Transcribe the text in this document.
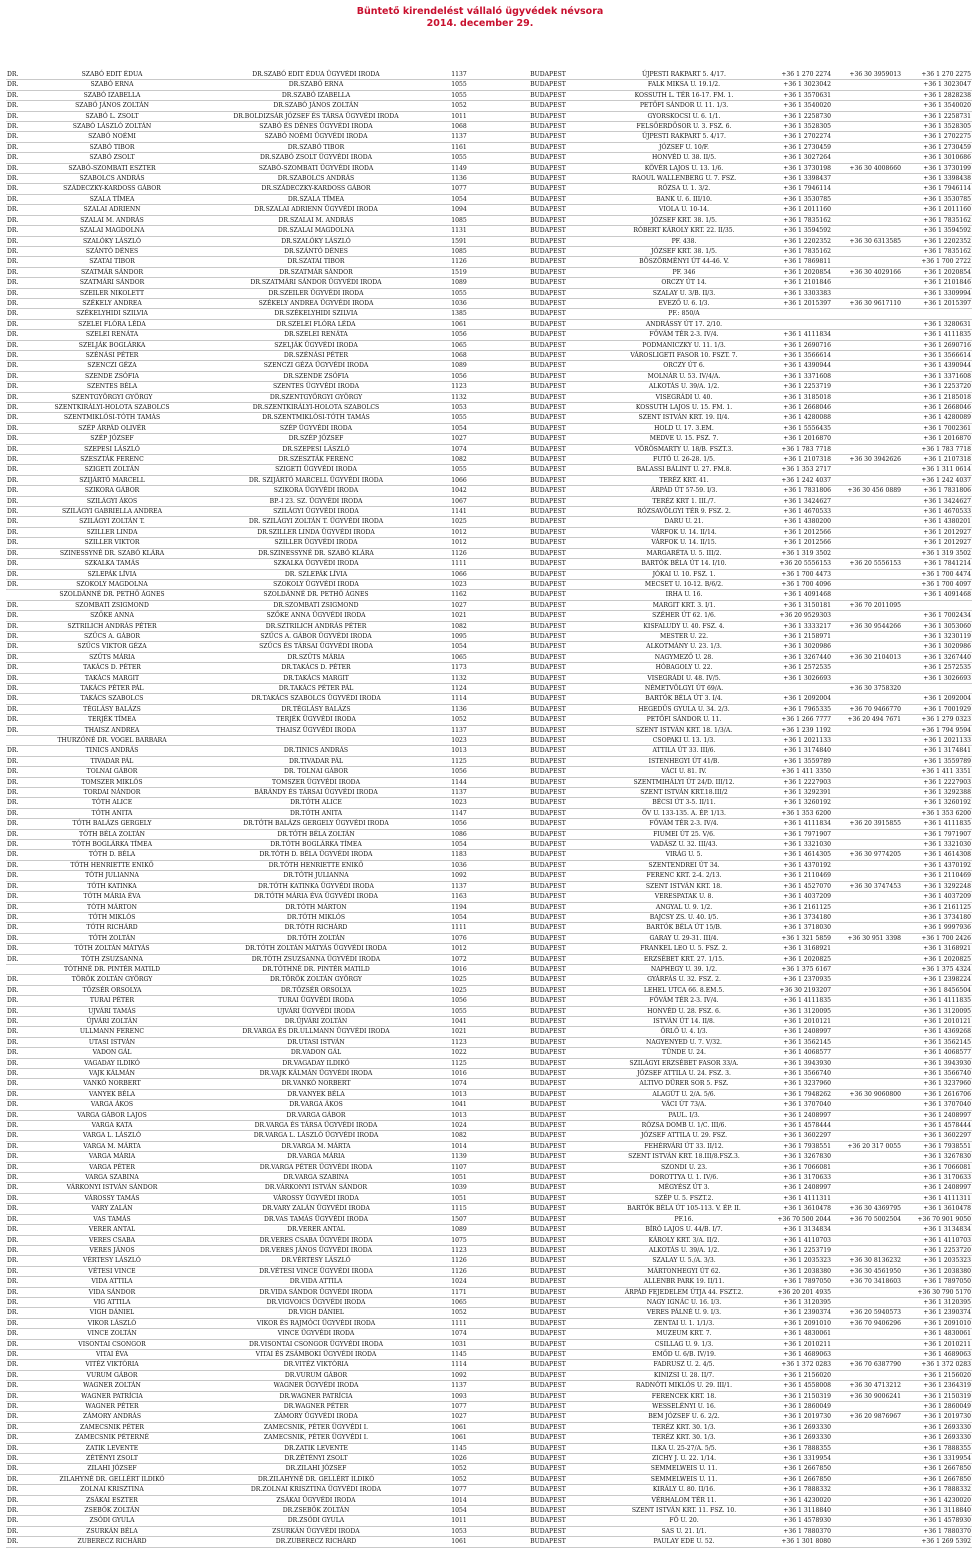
Büntető kirendelést vállaló ügyvédek névsora
2014. december 29.
DR.	SZABÓ EDIT ÉDUA	DR.SZABÓ EDIT ÉDUA ÜGYVÉDI IRODA	1137	BUDAPEST	ÚJPESTI RAKPART 5. 4/17.	+36 1 270 2274	+36 30 3959013	+36 1 270 2275
DR.	SZABÓ ERNA	DR.SZABÓ ERNA	1055	BUDAPEST	FALK MIKSA U. 19.1/2.	+36 1 3023042		+36 1 3023047
DR.	SZABÓ IZABELLA	DR.SZABÓ IZABELLA	1055	BUDAPEST	KOSSUTH L. TÉR 16-17. FM. 1.	+36 1 3570631		+36 1 2828238
DR.	SZABÓ JÁNOS ZOLTÁN	DR.SZABÓ JÁNOS ZOLTÁN	1052	BUDAPEST	PETŐFI SÁNDOR U. 11. 1/3.	+36 1 3540020		+36 1 3540020
DR.	SZABÓ L. ZSOLT	DR.BOLDIZSÁR JÓZSEF ÉS TÁRSA ÜGYVÉDI IRODA	1011	BUDAPEST	GYORSKOCSI U. 6. 1/1.	+36 1 2258730		+36 1 2258731
DR.	SZABÓ LÁSZLÓ ZOLTÁN	SZABÓ ÉS DÉNES ÜGYVÉDI IRODA	1068	BUDAPEST	FELSŐERDŐSOR U. 3. FSZ. 6.	+36 1 3528305		+36 1 3528305
DR.	SZABÓ NOÉMI	SZABÓ NOÉMI ÜGYVÉDI IRODA	1137	BUDAPEST	ÚJPESTI RAKPART 5. 4/17.	+36 1 2702274		+36 1 2702275
DR.	SZABÓ TIBOR	DR.SZABÓ TIBOR	1161	BUDAPEST	JÓZSEF U. 10/F.	+36 1 2730459		+36 1 2730459
DR.	SZABÓ ZSOLT	DR.SZABÓ ZSOLT ÜGYVÉDI IRODA	1055	BUDAPEST	HONVÉD U. 38. II/5.	+36 1 3027264		+36 1 3010686
DR.	SZABÓ-SZOMBATI ESZTER	SZABÓ-SZOMBATI ÜGYVÉDI IRODA	1149	BUDAPEST	KÖVÉR LAJOS U. 13. 1/6.	+36 1 3730198	+36 30 4008660	+36 1 3730199
DR.	SZABOLCS ANDRÁS	DR.SZABOLCS ANDRÁS	1136	BUDAPEST	RAOUL WALLENBERG U. 7. FSZ.	+36 1 3398437		+36 1 3398438
DR.	SZÁDECZKY-KARDOSS GÁBOR	DR.SZÁDECZKY-KARDOSS GÁBOR	1077	BUDAPEST	RÓZSA U. 1. 3/2.	+36 1 7946114		+36 1 7946114
DR.	SZALA TÍMEA	DR.SZALA TÍMEA	1054	BUDAPEST	BANK U. 6. III/10.	+36 1 3530785		+36 1 3530785
DR.	SZALAI ADRIENN	DR.SZALAI ADRIENN ÜGYVÉDI IRODA	1094	BUDAPEST	VIOLA U. 10-14.	+36 1 2011160		+36 1 2011160
DR.	SZALAI M. ANDRÁS	DR.SZALAI M. ANDRÁS	1085	BUDAPEST	JÓZSEF KRT. 38. 1/5.	+36 1 7835162		+36 1 7835162
DR.	SZALAI MAGDOLNA	DR.SZALAI MAGDOLNA	1131	BUDAPEST	RÓBERT KÁROLY KRT. 22. II/35.	+36 1 3594592		+36 1 3594592
DR.	SZALÓKY LÁSZLÓ	DR.SZALÓKY LÁSZLÓ	1591	BUDAPEST	PF. 438.	+36 1 2202352	+36 30 6313585	+36 1 2202352
DR.	SZÁNTÓ DÉNES	DR.SZÁNTÓ DÉNES	1085	BUDAPEST	JÓZSEF KRT. 38. 1/5.	+36 1 7835162		+36 1 7835162
DR.	SZATAI TIBOR	DR.SZATAI TIBOR	1126	BUDAPEST	BÖSZÖRMÉNYI ÚT 44-46. V.	+36 1 7869811		+36 1 700 2722
DR.	SZATMÁR SÁNDOR	DR.SZATMÁR SÁNDOR	1519	BUDAPEST	PF. 346	+36 1 2020854	+36 30 4029166	+36 1 2020854
DR.	SZATMÁRI SÁNDOR	DR.SZATMÁRI SÁNDOR ÜGYVÉDI IRODA	1089	BUDAPEST	ORCZY ÚT 14.	+36 1 2101846		+36 1 2101846
DR.	SZEILER NIKOLETT	DR.SZEILER ÜGYVÉDI IRODA	1055	BUDAPEST	SZALAY U. 3/B. II/3.	+36 1 3303383		+36 1 3309994
DR.	SZÉKELY ANDREA	SZÉKELY ANDREA ÜGYVÉDI IRODA	1036	BUDAPEST	EVEZŐ U. 6. I/3.	+36 1 2015397	+36 30 9617110	+36 1 2015397
DR.	SZÉKELYHIDI SZILVIA	DR.SZÉKELYHIDI SZILVIA	1385	BUDAPEST	PF.: 850/A			
DR.	SZELEI FLÓRA LÉDA	DR.SZELEI FLÓRA LÉDA	1061	BUDAPEST	ANDRÁSSY ÚT 17. 2/10.			+36 1 3280631
DR.	SZELEI RENÁTA	DR.SZELEI RENÁTA	1056	BUDAPEST	FŐVÁM TÉR 2-3. IV/4.	+36 1 4111834		+36 1 4111835
DR.	SZELJÁK BOGLÁRKA	SZELJÁK ÜGYVÉDI IRODA	1065	BUDAPEST	PODMANICZKY U. 11. 1/3.	+36 1 2690716		+36 1 2690716
DR.	SZÉNÁSI PÉTER	DR.SZÉNÁSI PÉTER	1068	BUDAPEST	VÁROSLIGETI FASOR 10. FSZT. 7.	+36 1 3566614		+36 1 3566614
DR.	SZENCZI GÉZA	SZENCZI GÉZA ÜGYVÉDI IRODA	1089	BUDAPEST	ORCZY ÚT 6.	+36 1 4390944		+36 1 4390944
DR.	SZENDE ZSÓFIA	DR.SZENDE ZSÓFIA	1056	BUDAPEST	MOLNÁR U. 53. IV/4/A.	+36 1 3371608		+36 1 3371608
DR.	SZENTES BÉLA	SZENTES ÜGYVÉDI IRODA	1123	BUDAPEST	ALKOTÁS U. 39/A. 1/2.	+36 1 2253719		+36 1 2253720
DR.	SZENTGYÖRGYI GYÖRGY	DR.SZENTGYÖRGYI GYÖRGY	1132	BUDAPEST	VISEGRÁDI U. 40.	+36 1 3185018		+36 1 2185018
DR.	SZENTKIRÁLYI-HOLOTA SZABOLCS	DR.SZENTKIRÁLYI-HOLOTA SZABOLCS	1053	BUDAPEST	KOSSUTH LAJOS U. 15. FM. 1.	+36 1 2668046		+36 1 2668046
DR.	SZENTMIKLÓSI-TÓTH TAMÁS	DR.SZENTMIKLÓSI-TÓTH TAMÁS	1055	BUDAPEST	SZENT ISTVÁN KRT. 19. II/4.	+36 1 4280088		+36 1 4280089
DR.	SZÉP ÁRPÁD OLIVÉR	SZÉP ÜGYVÉDI IRODA	1054	BUDAPEST	HOLD U. 17. 3.EM.	+36 1 5556435		+36 1 7002361
DR.	SZÉP JÓZSEF	DR.SZÉP JÓZSEF	1027	BUDAPEST	MEDVE U. 15. FSZ. 7.	+36 1 2016870		+36 1 2016870
DR.	SZEPESI LÁSZLÓ	DR.SZEPESI LÁSZLÓ	1074	BUDAPEST	VÖRÖSMARTY U. 18/B. FSZT.3.	+36 1 783 7718		+36 1 783 7718
DR.	SZESZTÁK FERENC	DR.SZESZTÁK FERENC	1082	BUDAPEST	FUTÓ U. 26-28. 1/5.	+36 1 2107318	+36 30 3942626	+36 1 2107318
DR.	SZIGETI ZOLTÁN	SZIGETI ÜGYVÉDI IRODA	1055	BUDAPEST	BALASSI BÁLINT U. 27. FM.8.	+36 1 353 2717		+36 1 311 0614
DR.	SZIJÁRTÓ MARCELL	DR. SZIJÁRTÓ MARCELL ÜGYVÉDI IRODA	1066	BUDAPEST	TERÉZ KRT. 41.	+36 1 242 4037		+36 1 242 4037
DR.	SZIKORA GÁBOR	SZIKORA ÜGYVÉDI IRODA	1042	BUDAPEST	ÁRPÁD ÚT 57-59. I/3.	+36 1 7831806	+36 30 456 0889	+36 1 7831806
DR.	SZILÁGYI ÁKOS	BP.-I 23. SZ. ÜGYVÉDI IRODA	1067	BUDAPEST	TERÉZ KRT 1. III./7.	+36 1 3424627		+36 1 3424627
DR.	SZILÁGYI GABRIELLA ANDREA	SZILÁGYI ÜGYVÉDI IRODA	1141	BUDAPEST	RÓZSAVÖLGYI TÉR 9. FSZ. 2.	+36 1 4670533		+36 1 4670533
DR.	SZILÁGYI ZOLTÁN T.	DR. SZILÁGYI ZOLTÁN T. ÜGYVÉDI IRODA	1025	BUDAPEST	DARU U. 21.	+36 1 4380200		+36 1 4380201
DR.	SZILLER LINDA	DR.SZILLER LINDA ÜGYVÉDI IRODA	1012	BUDAPEST	VÁRFOK U. 14. II/14.	+36 1 2012566		+36 1 2012927
DR.	SZILLER VIKTOR	SZILLER ÜGYVÉDI IRODA	1012	BUDAPEST	VÁRFOK U. 14. II/15.	+36 1 2012566		+36 1 2012927
DR.	SZINESSYNÉ DR. SZABÓ KLÁRA	DR.SZINESSYNÉ DR. SZABÓ KLÁRA	1126	BUDAPEST	MARGARÉTA U. 5. III/2.	+36 1 319 3502		+36 1 319 3502
DR.	SZKALKA TAMÁS	SZKALKA ÜGYVÉDI IRODA	1111	BUDAPEST	BARTÓK BÉLA ÚT 14. I/10.	+36 20 5556153	+36 20 5556153	+36 1 7841214
DR.	SZLEPÁK LÍVIA	DR. SZLEPÁK LÍVIA	1066	BUDAPEST	JÓKAI U. 10. FSZ. 1.	+36 1 700 4473		+36 1 700 4474
DR.	SZOKOLY MAGDOLNA	SZOKOLY ÜGYVÉDI IRODA	1023	BUDAPEST	MECSET U. 10-12. B/6/2.	+36 1 700 4096		+36 1 700 4097
	SZOLDÁNNÉ DR. PETHŐ ÁGNES	SZOLDÁNNÉ DR. PETHŐ ÁGNES	1162	BUDAPEST	IRHA U. 16.	+36 1 4091468		+36 1 4091468
DR.	SZOMBATI ZSIGMOND	DR.SZOMBATI ZSIGMOND	1027	BUDAPEST	MARGIT KRT. 3. I/1.	+36 1 3150181	+36 70 2011095	
DR.	SZŐKE ANNA	SZŐKE ANNA ÜGYVÉDI IRODA	1021	BUDAPEST	SZÉHER ÚT 62. 1/6.	+36 20 9529303		+36 1 7002434
DR.	SZTRILICH ANDRÁS PÉTER	DR.SZTRILICH ANDRÁS PÉTER	1082	BUDAPEST	KISFALUDY U. 40. FSZ. 4.	+36 1 3333217	+36 30 9544266	+36 1 3053060
DR.	SZŰCS A. GÁBOR	SZŰCS A. GÁBOR ÜGYVÉDI IRODA	1095	BUDAPEST	MESTER U. 22.	+36 1 2158971		+36 1 3230119
DR.	SZŰCS VIKTOR GÉZA	SZŰCS ÉS TÁRSAI ÜGYVÉDI IRODA	1054	BUDAPEST	ALKOTMÁNY U. 23. 1/3.	+36 1 3020986		+36 1 3020986
DR.	SZŰTS MÁRIA	DR.SZŰTS MÁRIA	1065	BUDAPEST	NAGYMEZŐ U. 28.	+36 1 3267440	+36 30 2104013	+36 1 3267440
DR.	TAKÁCS D. PÉTER	DR.TAKÁCS D. PÉTER	1173	BUDAPEST	HÓBAGOLY U. 22.	+36 1 2572535		+36 1 2572535
DR.	TAKÁCS MARGIT	DR.TAKÁCS MARGIT	1132	BUDAPEST	VISEGRÁDI U. 48. IV/5.	+36 1 3026693		+36 1 3026693
DR.	TAKÁCS PÉTER PÁL	DR.TAKÁCS PÉTER PÁL	1124	BUDAPEST	NÉMETVÖLGYI ÚT 69/A.		+36 30 3758320	
DR.	TAKÁCS SZABOLCS	DR.TAKÁCS SZABOLCS ÜGYVÉDI IRODA	1114	BUDAPEST	BARTÓK BÉLA ÚT 3. I/4.	+36 1 2092004		+36 1 2092004
DR.	TÉGLÁSY BALÁZS	DR.TÉGLÁSY BALÁZS	1136	BUDAPEST	HEGEDŰS GYULA U. 34. 2/3.	+36 1 7965335	+36 70 9466770	+36 1 7001929
DR.	TERJÉK TÍMEA	TERJÉK ÜGYVÉDI IRODA	1052	BUDAPEST	PETŐFI SÁNDOR U. 11.	+36 1 266 7777	+36 20 494 7671	+36 1 279 0323
DR.	THAISZ ANDREA	THAISZ ÜGYVÉDI IRODA	1137	BUDAPEST	SZENT ISTVÁN KRT. 18. 1/3/A.	+36 1 239 1192		+36 1 794 9594
	THURZÓNÉ DR. VOGEL BARBARA		1023	BUDAPEST	CSOPAKI U. 13. 1/3.	+36 1 2021133		+36 1 2021133
DR.	TINICS ANDRÁS	DR.TINICS ANDRÁS	1013	BUDAPEST	ATTILA ÚT 33. III/6.	+36 1 3174840		+36 1 3174841
DR.	TIVADAR PÁL	DR.TIVADAR PÁL	1125	BUDAPEST	ISTENHEGYI ÚT 41/B.	+36 1 3559789		+36 1 3559789
DR.	TOLNAI GÁBOR	DR. TOLNAI GÁBOR	1056	BUDAPEST	VÁCI U. 81. IV.	+36 1 411 3350		+36 1 411 3351
DR.	TOMSZER MIKLÓS	TOMSZER ÜGYVÉDI IRODA	1144	BUDAPEST	SZENTMIHÁLYI ÚT 24/D. III/12.	+36 1 2227903		+36 1 2227903
DR.	TORDAI NÁNDOR	BÁRÁNDY ÉS TÁRSAI ÜGYVÉDI IRODA	1137	BUDAPEST	SZENT ISTVÁN KRT.18.III/2	+36 1 3292391		+36 1 3292388
DR.	TÓTH ALICE	DR.TÓTH ALICE	1023	BUDAPEST	BÉCSI ÚT 3-5. II/11.	+36 1 3260192		+36 1 3260192
DR.	TÓTH ANITA	DR.TÓTH ANITA	1147	BUDAPEST	ÖV U. 133-135. A. ÉP. 1/13.	+36 1 353 6200		+36 1 353 6200
DR.	TÓTH BALÁZS GERGELY	DR.TÓTH BALÁZS GERGELY ÜGYVÉDI IRODA	1056	BUDAPEST	FŐVÁM TÉR 2-3. IV/4.	+36 1 4111834	+36 20 3915855	+36 1 4111835
DR.	TÓTH BÉLA ZOLTÁN	DR.TÓTH BÉLA ZOLTÁN	1086	BUDAPEST	FIUMEI ÚT 25. V/6.	+36 1 7971907		+36 1 7971907
DR.	TÓTH BOGLÁRKA TÍMEA	DR.TÓTH BOGLÁRKA TÍMEA	1054	BUDAPEST	VADÁSZ U. 32. III/43.	+36 1 3321030		+36 1 3321030
DR.	TÓTH D. BÉLA	DR.TÓTH D. BÉLA ÜGYVÉDI IRODA	1183	BUDAPEST	VIRÁG U. 5.	+36 1 4614305	+36 30 9774205	+36 1 4614308
DR.	TÓTH HENRIETTE ENIKŐ	DR.TÓTH HENRIETTE ENIKŐ	1036	BUDAPEST	SZENTENDREI ÚT 34.	+36 1 4370192		+36 1 4370192
DR.	TÓTH JULIANNA	DR.TÓTH JULIANNA	1092	BUDAPEST	FERENC KRT. 2-4. 2/13.	+36 1 2110469		+36 1 2110469
DR.	TÓTH KATINKA	DR.TÓTH KATINKA ÜGYVÉDI IRODA	1137	BUDAPEST	SZENT ISTVÁN KRT. 18.	+36 1 4527070	+36 30 3747453	+36 1 3292248
DR.	TÓTH MÁRIA ÉVA	DR.TÓTH MÁRIA ÉVA ÜGYVÉDI IRODA	1163	BUDAPEST	VERESPATAK U. 8.	+36 1 4037209		+36 1 4037209
DR.	TÓTH MÁRTON	DR.TÓTH MÁRTON	1194	BUDAPEST	ANGYAL U. 9. 1/2.	+36 1 2161125		+36 1 2161125
DR.	TÓTH MIKLÓS	DR.TÓTH MIKLÓS	1054	BUDAPEST	BAJCSY ZS. U. 40. I/5.	+36 1 3734180		+36 1 3734180
DR.	TÓTH RICHÁRD	DR.TÓTH RICHÁRD	1111	BUDAPEST	BARTÓK BÉLA ÚT 15/B.	+36 1 3718030		+36 1 9997936
DR.	TÓTH ZOLTÁN	DR.TÓTH ZOLTÁN	1076	BUDAPEST	GARAY U. 29-31. III/4.	+36 1 321 5859	+36 30 951 3398	+36 1 700 2426
DR.	TÓTH ZOLTÁN MÁTYÁS	DR.TÓTH ZOLTÁN MÁTYÁS ÜGYVÉDI IRODA	1012	BUDAPEST	FRANKEL LEO U. 5. FSZ. 2.	+36 1 3168921		+36 1 3168921
DR.	TÓTH ZSUZSANNA	DR.TÓTH ZSUZSANNA ÜGYVÉDI IRODA	1072	BUDAPEST	ERZSÉBET KRT. 27. 1/15.	+36 1 2020825		+36 1 2020825
	TÓTHNÉ DR. PINTÉR MATILD	DR.TÓTHNÉ DR. PINTÉR MATILD	1016	BUDAPEST	NAPHEGY U. 39. 1/2.	+36 1 375 6167		+36 1 375 4324
DR.	TÖRÖK ZOLTÁN GYÖRGY	DR.TÖRÖK ZOLTÁN GYÖRGY	1025	BUDAPEST	GYÁRFÁS U. 32. FSZ. 2.	+36 1 2370935		+36 1 2398224
DR.	TŐZSÉR ORSOLYA	DR.TŐZSÉR ORSOLYA	1025	BUDAPEST	LEHEL UTCA 66. 8.EM.5.	+36 30 2193207		+36 1 8456504
DR.	TURAI PÉTER	TURAI ÜGYVÉDI IRODA	1056	BUDAPEST	FŐVÁM TÉR 2-3. IV/4.	+36 1 4111835		+36 1 4111835
DR.	UJVÁRI TAMÁS	UJVÁRI ÜGYVÉDI IRODA	1055	BUDAPEST	HONVÉD U. 28. FSZ. 6.	+36 1 3120095		+36 1 3120095
DR.	ÚJVÁRI ZOLTÁN	DR.ÚJVÁRI ZOLTÁN	1041	BUDAPEST	ISTVÁN ÚT 14. II/8.	+36 1 2010121		+36 1 2010121
DR.	ULLMANN FERENC	DR.VARGA ÉS DR.ULLMANN ÜGYVÉDI IRODA	1021	BUDAPEST	ŐRLŐ U. 4. I/3.	+36 1 2408997		+36 1 4369268
DR.	UTASI ISTVÁN	DR.UTASI ISTVÁN	1123	BUDAPEST	NAGYENYED U. 7. V/32.	+36 1 3562145		+36 1 3562145
DR.	VADON GÁL	DR.VADON GÁL	1022	BUDAPEST	TÜNDE U. 24.	+36 1 4068577		+36 1 4068577
DR.	VAGADAY ILDIKÓ	DR.VAGADAY ILDIKÓ	1125	BUDAPEST	SZILÁGYI ERZSÉBET FASOR 33/A.	+36 1 3943930		+36 1 3943930
DR.	VAJK KÁLMÁN	DR.VAJK KÁLMÁN ÜGYVÉDI IRODA	1016	BUDAPEST	JÓZSEF ATTILA U. 24. FSZ. 3.	+36 1 3566740		+36 1 3566740
DR.	VANKÓ NORBERT	DR.VANKÓ NORBERT	1074	BUDAPEST	ALTIVO DÜRER SOR 5. FSZ.	+36 1 3237960		+36 1 3237960
DR.	VANYEK BÉLA	DR.VANYEK BÉLA	1013	BUDAPEST	ALAGÚT U. 2/A. 5/6.	+36 1 7948262	+36 30 9060800	+36 1 2616706
DR.	VARGA ÁKOS	DR.VARGA ÁKOS	1041	BUDAPEST	VÁCI ÚT 73/A.	+36 1 3707040		+36 1 3707040
DR.	VARGA GÁBOR LAJOS	DR.VARGA GÁBOR	1013	BUDAPEST	PAUL. I/3.	+36 1 2408997		+36 1 2408997
DR.	VARGA KATA	DR.VARGA ÉS TÁRSA ÜGYVÉDI IRODA	1024	BUDAPEST	RÓZSA DOMB U. 1/C. III/6.	+36 1 4578444		+36 1 4578444
DR.	VARGA L. LÁSZLÓ	DR.VARGA L. LÁSZLÓ ÜGYVÉDI IRODA	1082	BUDAPEST	JÓZSEF ATTILA U. 29. FSZ.	+36 1 3602297		+36 1 3602297
DR.	VARGA M. MÁRTA	DR.VARGA M. MÁRTA	1014	BUDAPEST	FEHÉRVÁRI ÚT 33. II/12.	+36 1 7938551	+36 20 317 0055	+36 1 7938551
DR.	VARGA MÁRIA	DR.VARGA MÁRIA	1139	BUDAPEST	SZENT ISTVÁN KRT. 18.III/8.FSZ.3.	+36 1 3267830		+36 1 3267830
DR.	VARGA PÉTER	DR.VARGA PÉTER ÜGYVÉDI IRODA	1107	BUDAPEST	SZONDI U. 23.	+36 1 7066081		+36 1 7066081
DR.	VARGA SZABINA	DR.VARGA SZABINA	1051	BUDAPEST	DOROTTYA U. 1. IV/6.	+36 1 3170633		+36 1 3170633
DR.	VÁRKONYI ISTVÁN SÁNDOR	DR.VÁRKONYI ISTVÁN SÁNDOR	1039	BUDAPEST	MÉGYÉSZ ÚT 3.	+36 1 2408997		+36 1 2408997
DR.	VÁROSSY TAMÁS	VÁROSSY ÜGYVÉDI IRODA	1051	BUDAPEST	SZÉP U. 5. FSZT.2.	+36 1 4111311		+36 1 4111311
DR.	VARY ZALÁN	DR.VARY ZALÁN ÜGYVÉDI IRODA	1115	BUDAPEST	BARTÓK BÉLA ÚT 105-113. V. ÉP. II.	+36 1 3610478	+36 30 4369795	+36 1 3610478
DR.	VAS TAMÁS	DR.VAS TAMÁS ÜGYVÉDI IRODA	1507	BUDAPEST	PF.16.	+36 70 500 2044	+36 70 5002504	+36 70 901 9050
DR.	VERER ANTAL	DR.VERER ANTAL	1089	BUDAPEST	BÍRÓ LAJOS U. 44/B. I/7.	+36 1 3134834		+36 1 3134834
DR.	VERES CSABA	DR.VERES CSABA ÜGYVÉDI IRODA	1075	BUDAPEST	KÁROLY KRT. 3/A. II/2.	+36 1 4110703		+36 1 4110703
DR.	VERES JÁNOS	DR.VERES JÁNOS ÜGYVÉDI IRODA	1123	BUDAPEST	ALKOTÁS U. 39/A. 1/2.	+36 1 2253719		+36 1 2253720
DR.	VÉRTESY LÁSZLÓ	DR.VÉRTESY LÁSZLÓ	1126	BUDAPEST	SZALAY U. 5./A. 3/3.	+36 1 2035323	+36 30 8136232	+36 1 2035323
DR.	VÉTESI VINCE	DR.VÉTESI VINCE ÜGYVÉDI IRODA	1126	BUDAPEST	MÁRTONHEGYI ÚT 62.	+36 1 2038380	+36 30 4561950	+36 1 2038380
DR.	VIDA ATTILA	DR.VIDA ATTILA	1024	BUDAPEST	ALLENBR PARK 19. II/11.	+36 1 7897050	+36 70 3418603	+36 1 7897050
DR.	VIDA SÁNDOR	DR.VIDA SÁNDOR ÜGYVÉDI IRODA	1171	BUDAPEST	ÁRPÁD FEJEDELEM ÚTJA 44. FSZT.2.	+36 20 201 4935		+36 30 790 5170
DR.	VIG ATTILA	DR.VIGVOICS ÜGYVÉDI IRODA	1065	BUDAPEST	NAGY IGNÁC U. 16. I/3.	+36 1 3120395		+36 1 3120395
DR.	VIGH DÁNIEL	DR.VIGH DÁNIEL	1052	BUDAPEST	VERES PÁLNÉ U. 9. I/3.	+36 1 2390374	+36 20 5940573	+36 1 2390374
DR.	VIKOR LÁSZLÓ	VIKOR ÉS RAJMÓCI ÜGYVÉDI IRODA	1111	BUDAPEST	ZENTAI U. 1. 1/1/3.	+36 1 2091010	+36 70 9406296	+36 1 2091010
DR.	VINCE ZOLTÁN	VINCE ÜGYVÉDI IRODA	1074	BUDAPEST	MUZEUM KRT. 7.	+36 1 4830061		+36 1 4830061
DR.	VISONTAI CSONGOR	DR.VISONTAI CSONGOR ÜGYVÉDI IRODA	1031	BUDAPEST	CSILLAG U. 9. 1/3.	+36 1 2010211		+36 1 2010211
DR.	VITAI ÉVA	VITAI ÉS ZSÁMBOKI ÜGYVÉDI IRODA	1145	BUDAPEST	EMŐD U. 6/B. IV/19.	+36 1 4689063		+36 1 4689063
DR.	VITÉZ VIKTÓRIA	DR.VITÉZ VIKTÓRIA	1114	BUDAPEST	FADRUSZ U. 2. 4/5.	+36 1 372 0283	+36 70 6387790	+36 1 372 0283
DR.	VURUM GÁBOR	DR.VURUM GÁBOR	1092	BUDAPEST	KINIZSI U. 28. II/7.	+36 1 2156020		+36 1 2156020
DR.	WAGNER ZOLTÁN	WAGNER ÜGYVÉDI IRODA	1137	BUDAPEST	RADNÓTI MIKLÓS U. 29. III/1.	+36 1 4558008	+36 30 4713212	+36 1 2364319
DR.	WAGNER PATRÍCIA	DR.WAGNER PATRÍCIA	1093	BUDAPEST	FERENCEK KRT. 18.	+36 1 2150319	+36 30 9006241	+36 1 2150319
DR.	WAGNER PÉTER	DR.WAGNER PÉTER	1077	BUDAPEST	WESSELÉNYI U. 16.	+36 1 2860049		+36 1 2860049
DR.	ZÁMORY ANDRÁS	ZÁMORY ÜGYVÉDI IRODA	1027	BUDAPEST	BEM JÓZSEF U. 6. 2/2.	+36 1 2019730	+36 20 9876967	+36 1 2019730
DR.	ZAMECSNIK PÉTER	ZAMECSNIK, PÉTER ÜGYVÉDI I.	1061	BUDAPEST	TERÉZ KRT. 30. 1/3.	+36 1 2693330		+36 1 2693330
DR.	ZAMECSNIK PÉTERNÉ	ZAMECSNIK, PÉTER ÜGYVÉDI I.	1061	BUDAPEST	TERÉZ KRT. 30. 1/3.	+36 1 2693330		+36 1 2693330
DR.	ZATIK LEVENTE	DR.ZATIK LEVENTE	1145	BUDAPEST	ILKA U. 25-27/A. 5/5.	+36 1 7888355		+36 1 7888355
DR.	ZÉTÉNYI ZSOLT	DR.ZÉTÉNYI ZSOLT	1026	BUDAPEST	ZICHY J. U. 22. 1/14.	+36 1 3319954		+36 1 3319954
DR.	ZILAHI JÓZSEF	DR.ZILAHI JÓZSEF	1052	BUDAPEST	SEMMELWEIS U. 11.	+36 1 2667850		+36 1 2667850
DR.	ZILAHYNÉ DR. GELLÉRT ILDIKÓ	DR.ZILAHYNÉ DR. GELLÉRT ILDIKÓ	1052	BUDAPEST	SEMMELWEIS U. 11.	+36 1 2667850		+36 1 2667850
DR.	ZOLNAI KRISZTINA	DR.ZOLNAI KRISZTINA ÜGYVÉDI IRODA	1077	BUDAPEST	KIRÁLY U. 80. II/16.	+36 1 7888332		+36 1 7888332
DR.	ZSÁKAI ESZTER	ZSÁKAI ÜGYVÉDI IRODA	1014	BUDAPEST	VÉRHALOM TÉR 11.	+36 1 4230020		+36 1 4230020
DR.	ZSEBŐK ZOLTÁN	DR.ZSEBŐK ZOLTÁN	1054	BUDAPEST	SZENT ISTVÁN KRT. 11. FSZ. 10.	+36 1 3118840		+36 1 3118840
DR.	ZSÓDI GYULA	DR.ZSÓDI GYULA	1011	BUDAPEST	FŐ U. 20.	+36 1 4578930		+36 1 4578930
DR.	ZSURKÁN BÉLA	ZSURKÁN ÜGYVÉDI IRODA	1053	BUDAPEST	SAS U. 21. I/1.	+36 1 7880370		+36 1 7880370
DR.	ZUBERECZ RICHÁRD	DR.ZUBERECZ RICHÁRD	1061	BUDAPEST	PAULAY EDE U. 52.	+36 1 301 8080		+36 1 269 5392
